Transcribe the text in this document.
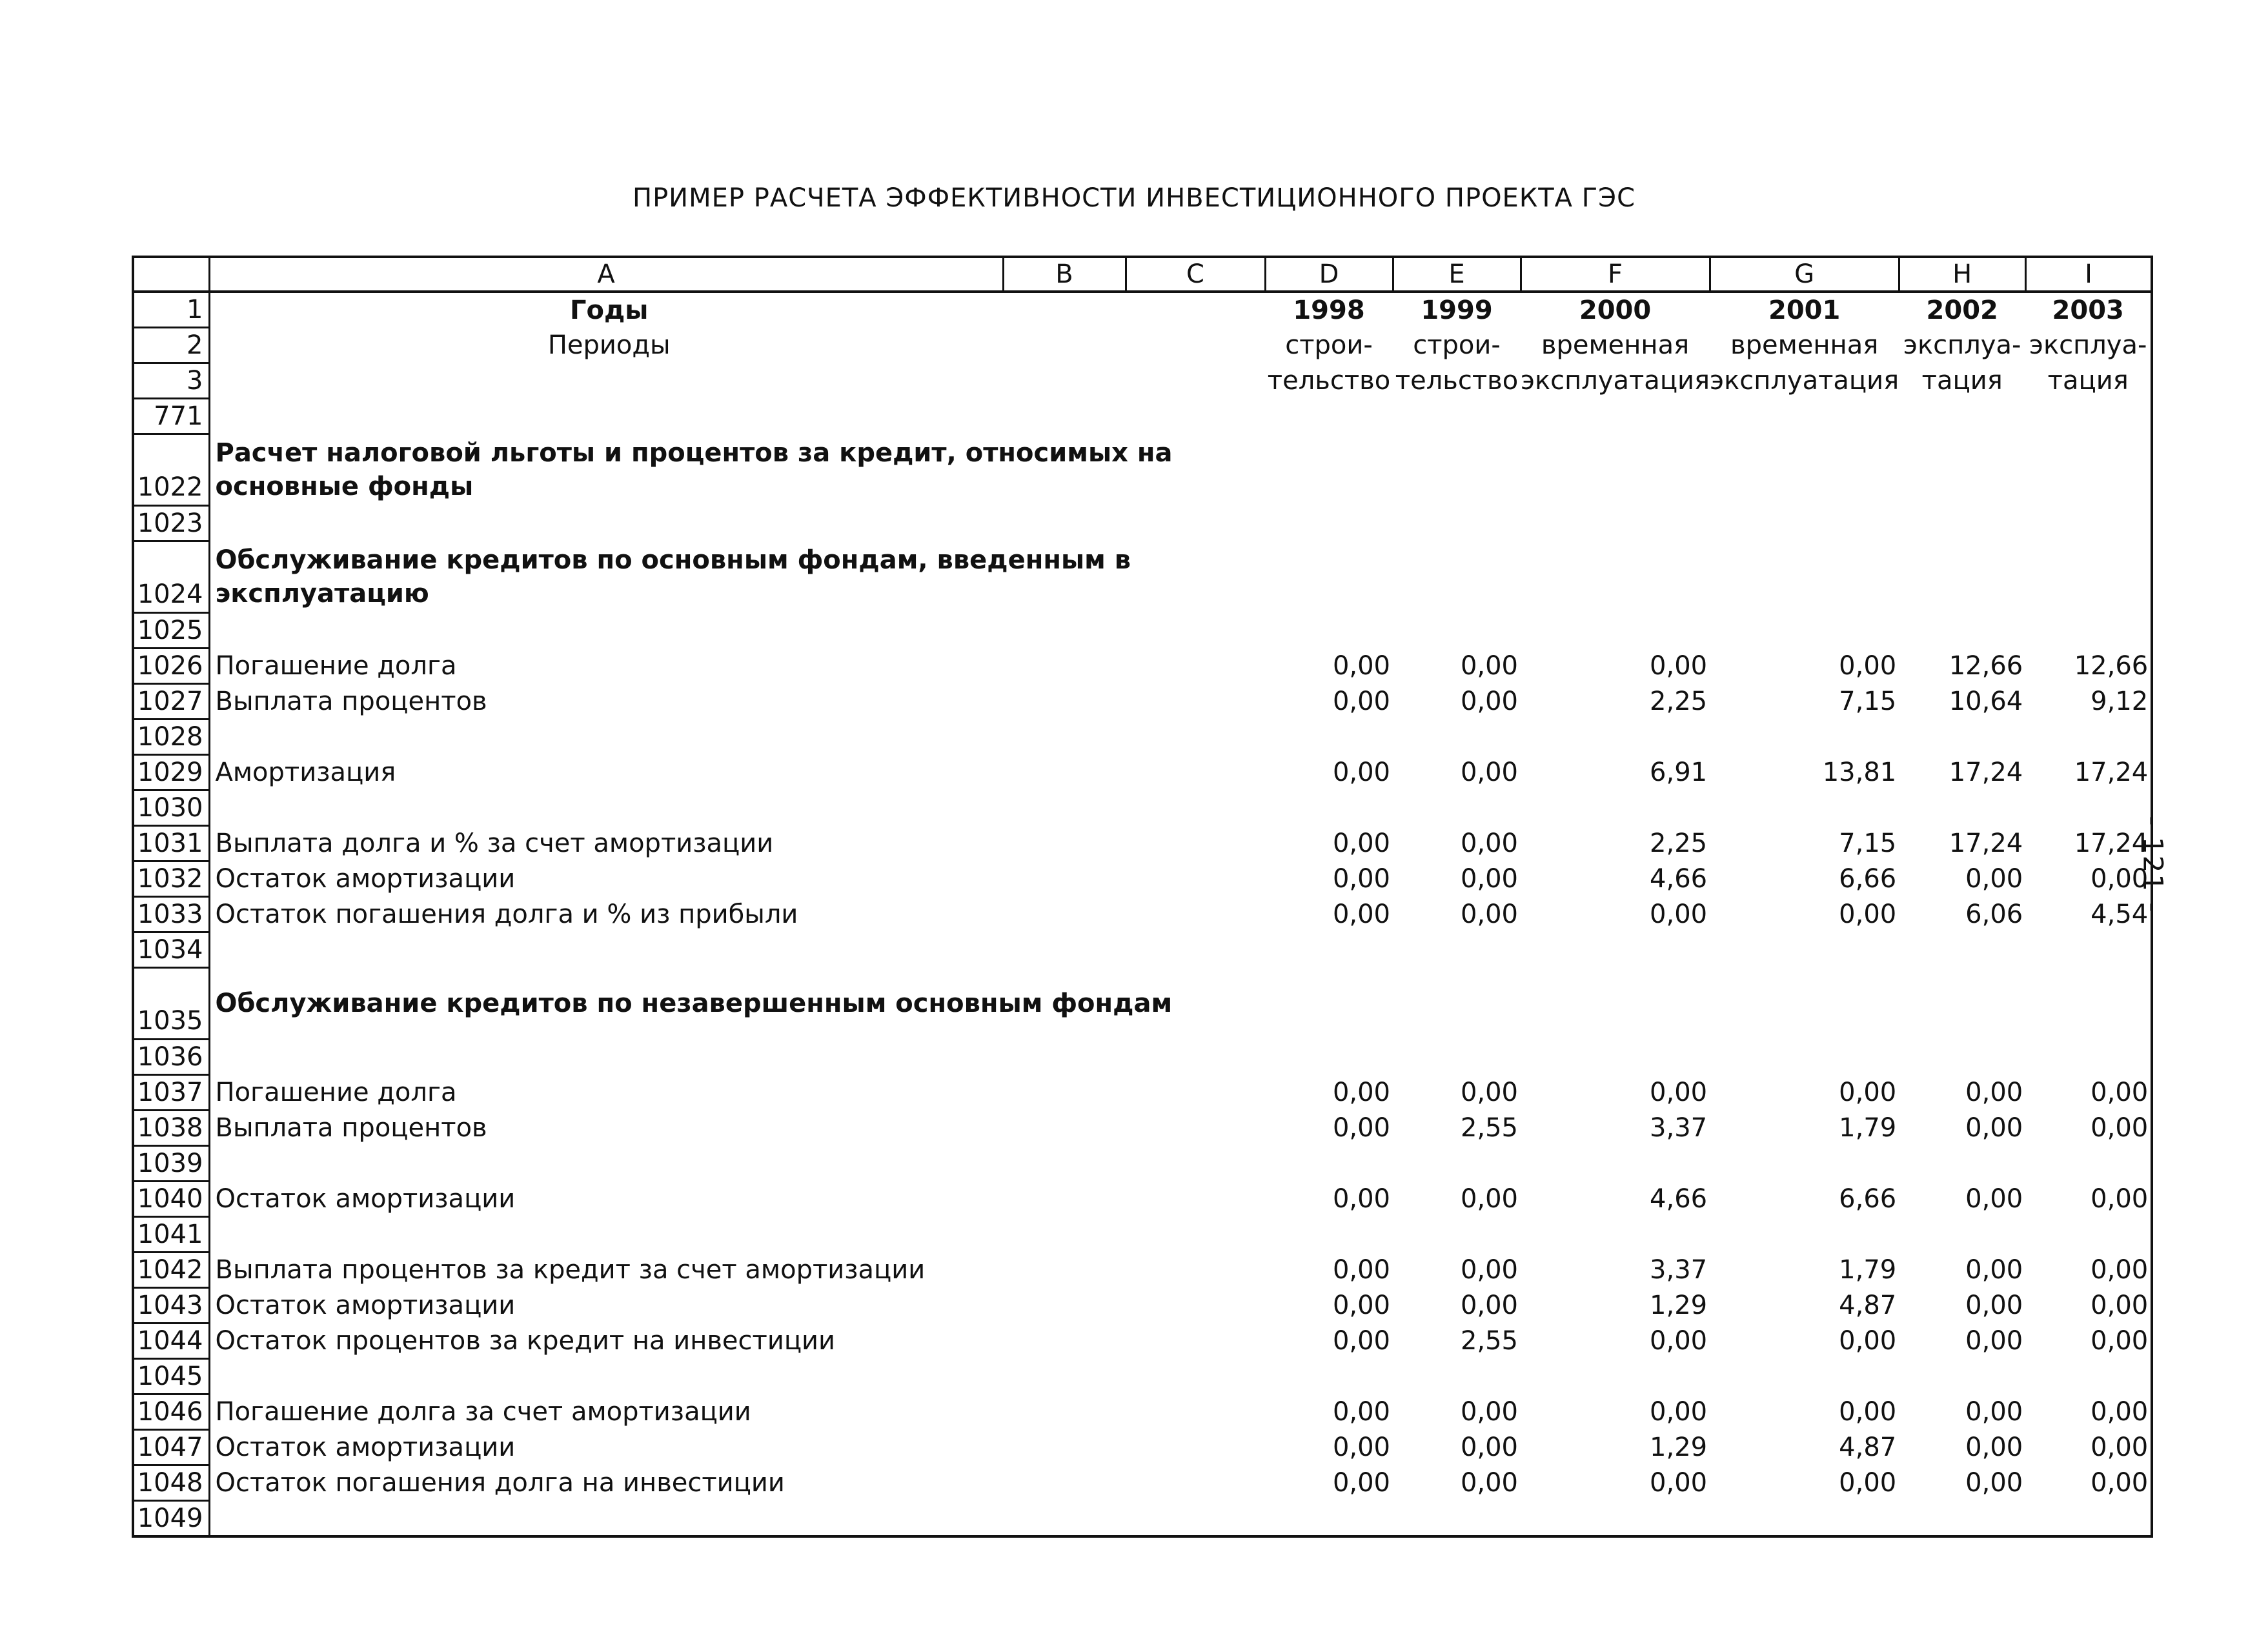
ПРИМЕР РАСЧЕТА ЭФФЕКТИВНОСТИ ИНВЕСТИЦИОННОГО ПРОЕКТА ГЭС
- 121 -
	A	B	C	D	E	F	G	H	I
1	Годы			1998	1999	2000	2001	2002	2003
2	Периоды			строи-	строи-	временная	временная	эксплуа-	эксплуа-
3				тельство	тельство	эксплуатация	эксплуатация	тация	тация
771									
1022	Расчет налоговой льготы и процентов за кредит, относимых на основные фонды								
1023									
1024	Обслуживание кредитов по основным фондам, введенным в эксплуатацию								
1025									
1026	Погашение долга			0,00	0,00	0,00	0,00	12,66	12,66
1027	Выплата процентов			0,00	0,00	2,25	7,15	10,64	9,12
1028									
1029	Амортизация			0,00	0,00	6,91	13,81	17,24	17,24
1030									
1031	Выплата долга и % за счет амортизации			0,00	0,00	2,25	7,15	17,24	17,24
1032	Остаток амортизации			0,00	0,00	4,66	6,66	0,00	0,00
1033	Остаток погашения долга и % из прибыли			0,00	0,00	0,00	0,00	6,06	4,54
1034									
1035	Обслуживание кредитов по незавершенным основным фондам								
1036									
1037	Погашение долга			0,00	0,00	0,00	0,00	0,00	0,00
1038	Выплата процентов			0,00	2,55	3,37	1,79	0,00	0,00
1039									
1040	Остаток амортизации			0,00	0,00	4,66	6,66	0,00	0,00
1041									
1042	Выплата процентов за кредит за счет амортизации			0,00	0,00	3,37	1,79	0,00	0,00
1043	Остаток амортизации			0,00	0,00	1,29	4,87	0,00	0,00
1044	Остаток процентов за кредит на инвестиции			0,00	2,55	0,00	0,00	0,00	0,00
1045									
1046	Погашение долга за счет амортизации			0,00	0,00	0,00	0,00	0,00	0,00
1047	Остаток амортизации			0,00	0,00	1,29	4,87	0,00	0,00
1048	Остаток погашения долга на инвестиции			0,00	0,00	0,00	0,00	0,00	0,00
1049									
